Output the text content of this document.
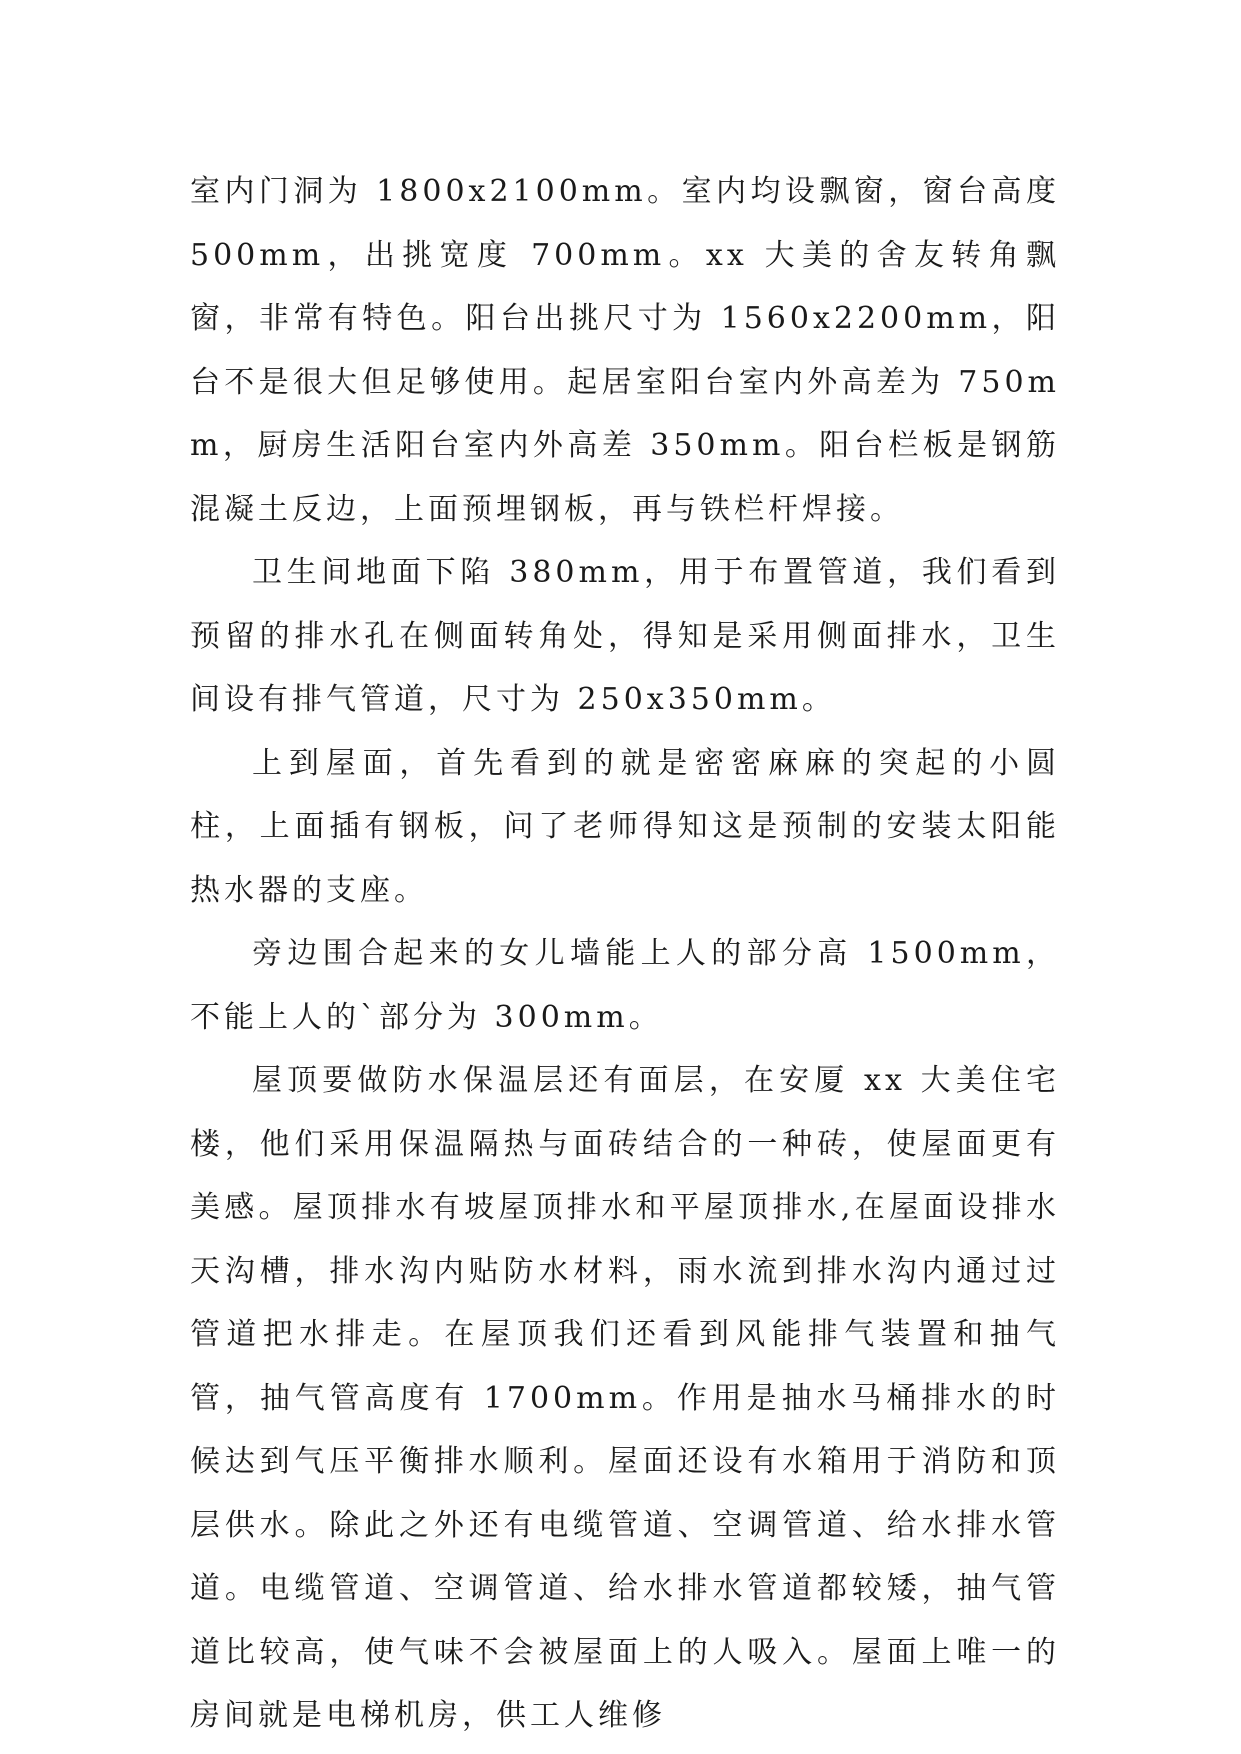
室内门洞为 1800x2100mm。室内均设飘窗，窗台高度 500mm，出挑宽度 700mm。xx 大美的舍友转角飘窗，非常有特色。阳台出挑尺寸为 1560x2200mm，阳台不是很大但足够使用。起居室阳台室内外高差为 750mm，厨房生活阳台室内外高差 350mm。阳台栏板是钢筋混凝土反边，上面预埋钢板，再与铁栏杆焊接。

卫生间地面下陷 380mm，用于布置管道，我们看到预留的排水孔在侧面转角处，得知是采用侧面排水，卫生间设有排气管道，尺寸为 250x350mm。

上到屋面，首先看到的就是密密麻麻的突起的小圆柱，上面插有钢板，问了老师得知这是预制的安装太阳能热水器的支座。

旁边围合起来的女儿墙能上人的部分高 1500mm，不能上人的`部分为 300mm。

屋顶要做防水保温层还有面层，在安厦 xx 大美住宅楼，他们采用保温隔热与面砖结合的一种砖，使屋面更有美感。屋顶排水有坡屋顶排水和平屋顶排水,在屋面设排水天沟槽，排水沟内贴防水材料，雨水流到排水沟内通过过管道把水排走。在屋顶我们还看到风能排气装置和抽气管，抽气管高度有 1700mm。作用是抽水马桶排水的时候达到气压平衡排水顺利。屋面还设有水箱用于消防和顶层供水。除此之外还有电缆管道、空调管道、给水排水管道。电缆管道、空调管道、给水排水管道都较矮，抽气管道比较高，使气味不会被屋面上的人吸入。屋面上唯一的房间就是电梯机房，供工人维修
